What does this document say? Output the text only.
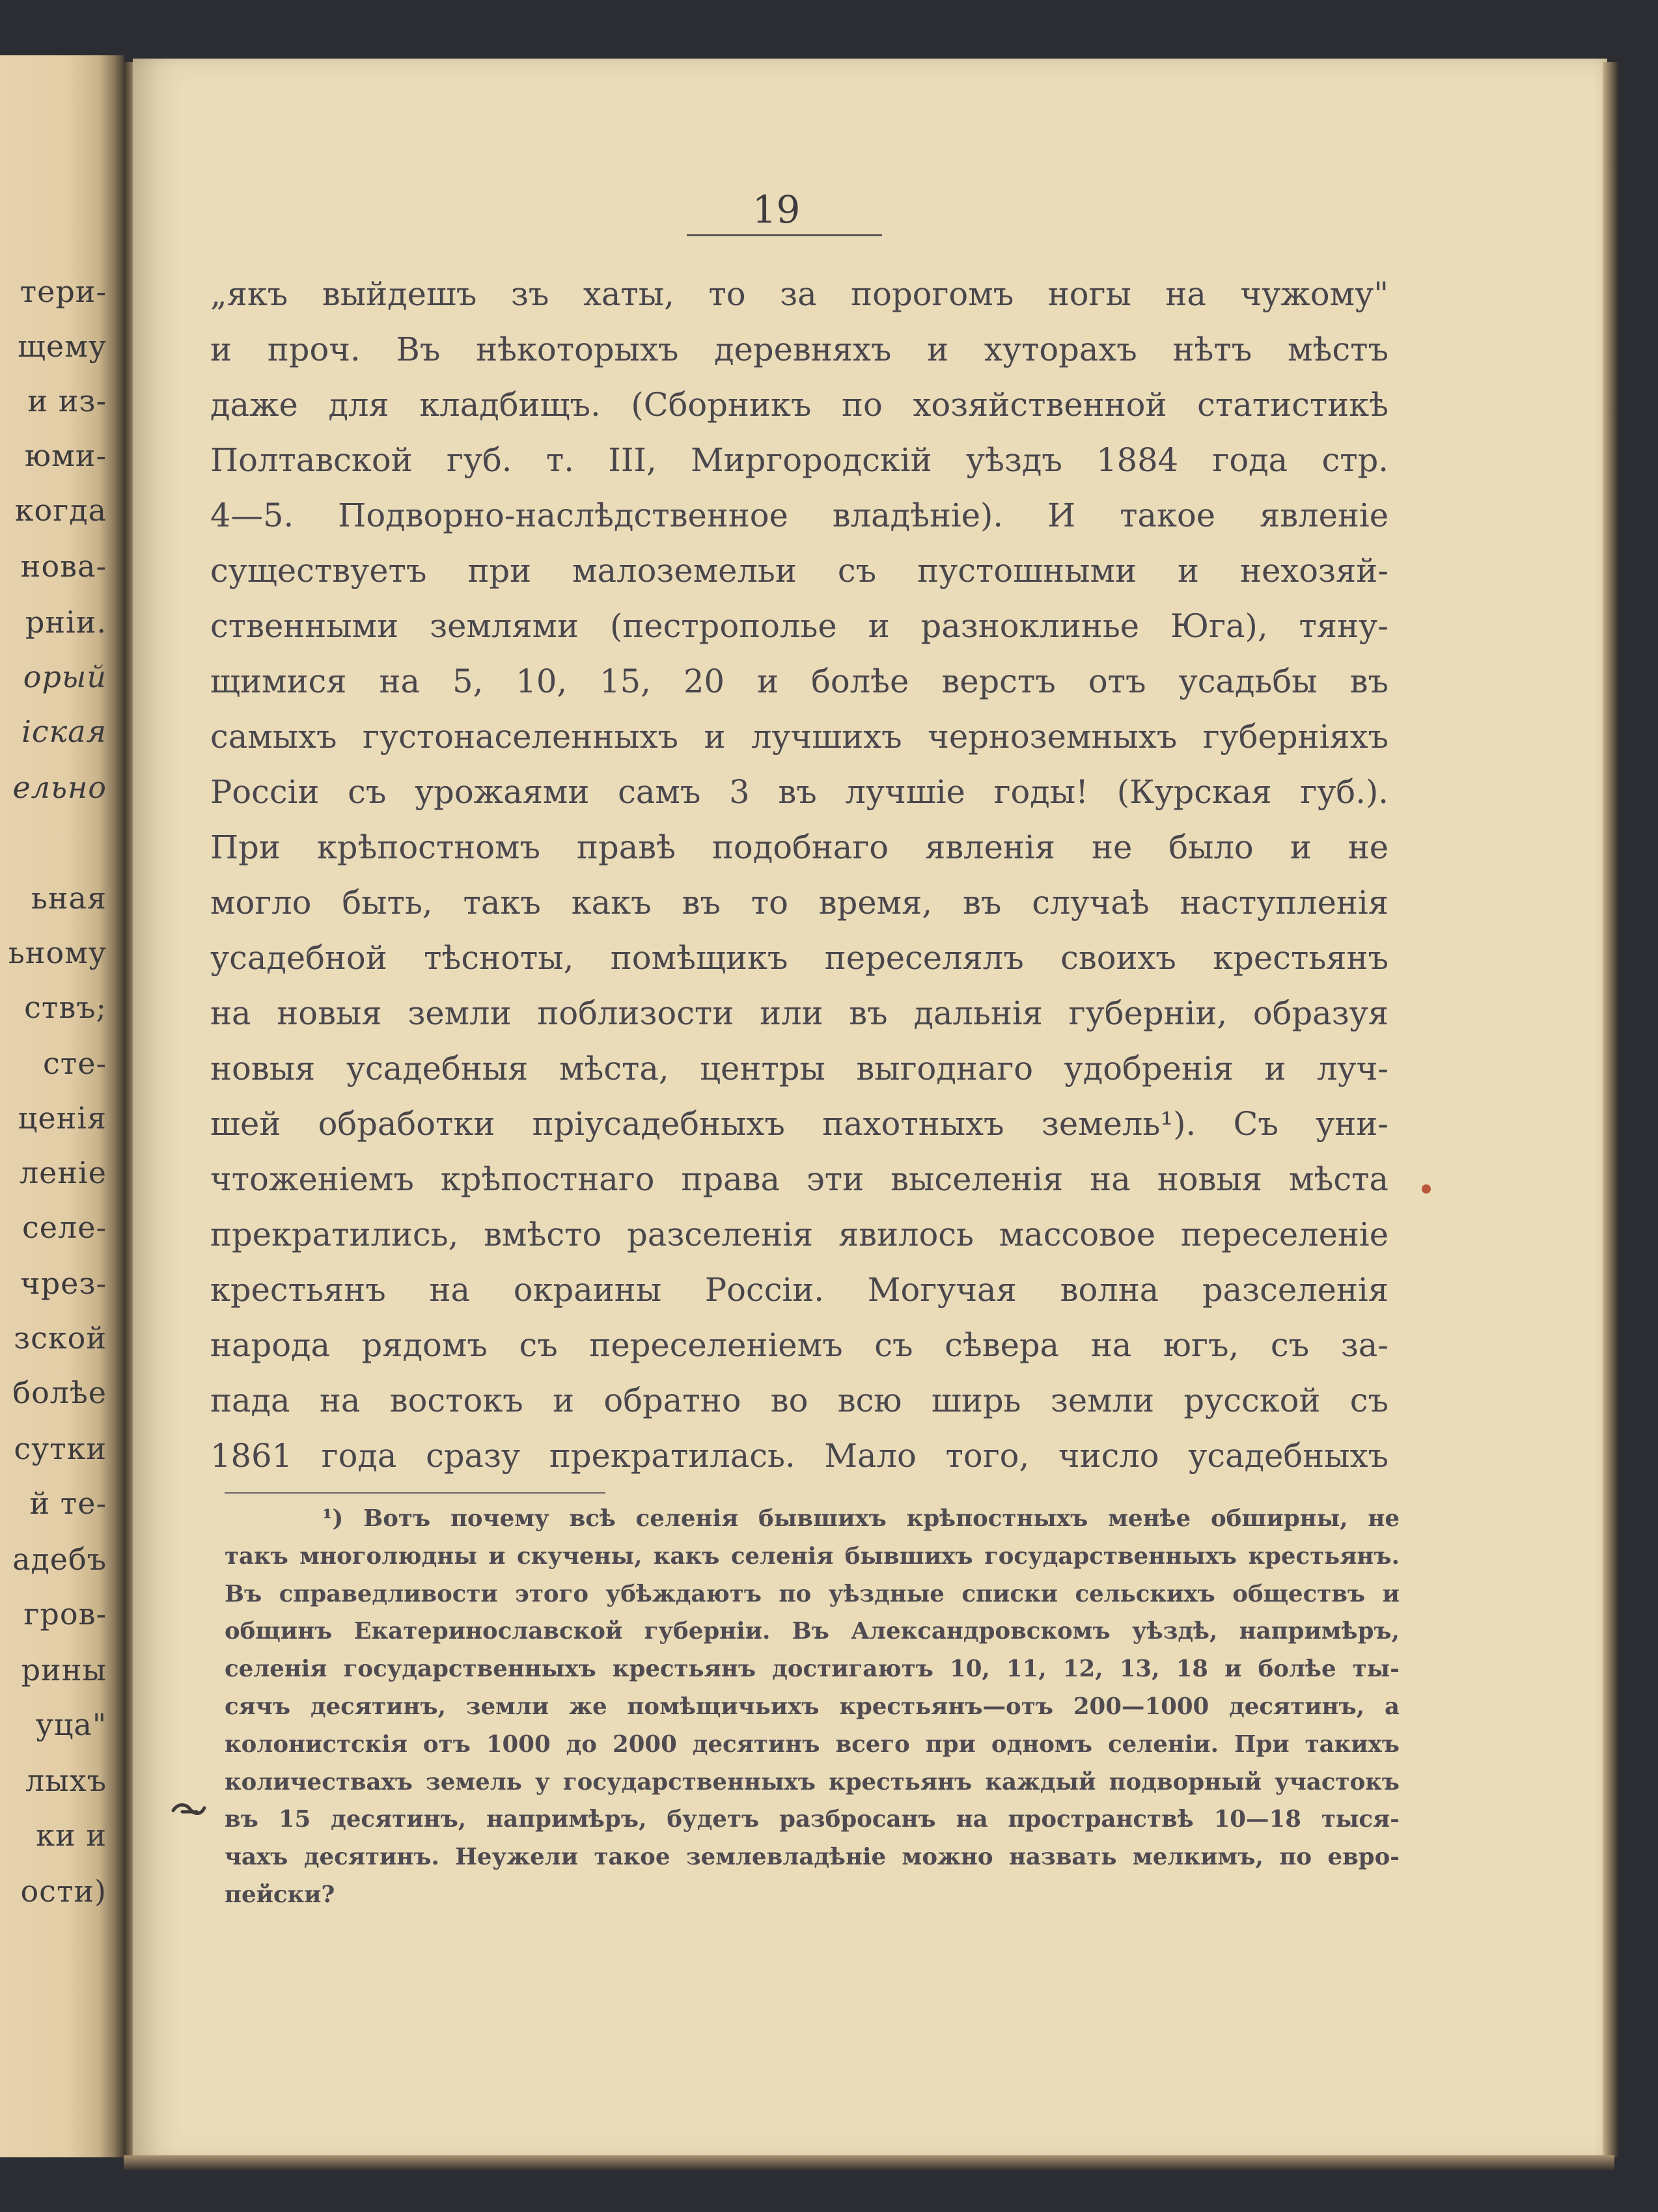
тери-
щему
и из-
юми-
когда
нова-
рніи.
орый
іская
ельно
ьная
ьному
ствъ;
сте-
ценія
леніе
селе-
чрез-
зской
болѣе
сутки
й те-
адебъ
гров-
рины
уца"
лыхъ
ки и
ости)
19
„якъ выйдешъ зъ хаты, то за порогомъ ногы на чужому"
и проч. Въ нѣкоторыхъ деревняхъ и хуторахъ нѣтъ мѣстъ
даже для кладбищъ. (Сборникъ по хозяйственной статистикѣ
Полтавской губ. т. III, Миргородскій уѣздъ 1884 года стр.
4—5. Подворно-наслѣдственное владѣніе). И такое явленіе
существуетъ при малоземельи съ пустошными и нехозяй-
ственными землями (пестрополье и разноклинье Юга), тяну-
щимися на 5, 10, 15, 20 и болѣе верстъ отъ усадьбы въ
самыхъ густонаселенныхъ и лучшихъ черноземныхъ губерніяхъ
Россіи съ урожаями самъ 3 въ лучшіе годы! (Курская губ.).
При крѣпостномъ правѣ подобнаго явленія не было и не
могло быть, такъ какъ въ то время, въ случаѣ наступленія
усадебной тѣсноты, помѣщикъ переселялъ своихъ крестьянъ
на новыя земли поблизости или въ дальнія губерніи, образуя
новыя усадебныя мѣста, центры выгоднаго удобренія и луч-
шей обработки пріусадебныхъ пахотныхъ земель¹). Съ уни-
чтоженіемъ крѣпостнаго права эти выселенія на новыя мѣста
прекратились, вмѣсто разселенія явилось массовое переселеніе
крестьянъ на окраины Россіи. Могучая волна разселенія
народа рядомъ съ переселеніемъ съ сѣвера на югъ, съ за-
пада на востокъ и обратно во всю ширь земли русской съ
1861 года сразу прекратилась. Мало того, число усадебныхъ
¹) Вотъ почему всѣ селенія бывшихъ крѣпостныхъ менѣе обширны, не
такъ многолюдны и скучены, какъ селенія бывшихъ государственныхъ крестьянъ.
Въ справедливости этого убѣждаютъ по уѣздные списки сельскихъ обществъ и
общинъ Екатеринославской губерніи. Въ Александровскомъ уѣздѣ, напримѣръ,
селенія государственныхъ крестьянъ достигаютъ 10, 11, 12, 13, 18 и болѣе ты-
сячъ десятинъ, земли же помѣщичьихъ крестьянъ—отъ 200—1000 десятинъ, а
колонистскія отъ 1000 до 2000 десятинъ всего при одномъ селеніи. При такихъ
количествахъ земель у государственныхъ крестьянъ каждый подворный участокъ
въ 15 десятинъ, напримѣръ, будетъ разбросанъ на пространствѣ 10—18 тыся-
чахъ десятинъ. Неужели такое землевладѣніе можно назвать мелкимъ, по евро-
пейски?
